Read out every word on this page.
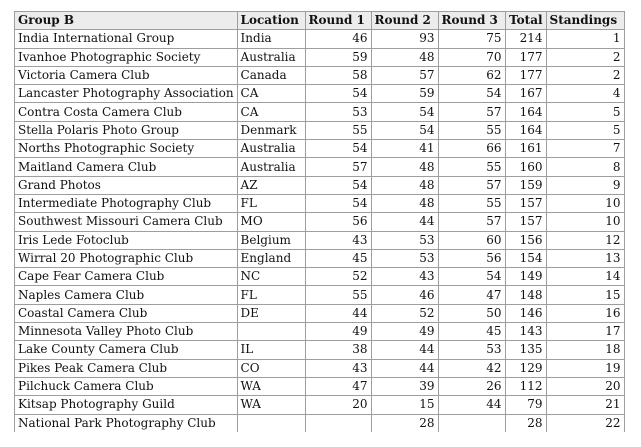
Group B	Location	Round 1	Round 2	Round 3	Total	Standings
India International Group	India	46	93	75	214	1
Ivanhoe Photographic Society	Australia	59	48	70	177	2
Victoria Camera Club	Canada	58	57	62	177	2
Lancaster Photography Association	CA	54	59	54	167	4
Contra Costa Camera Club	CA	53	54	57	164	5
Stella Polaris Photo Group	Denmark	55	54	55	164	5
Norths Photographic Society	Australia	54	41	66	161	7
Maitland Camera Club	Australia	57	48	55	160	8
Grand Photos	AZ	54	48	57	159	9
Intermediate Photography Club	FL	54	48	55	157	10
Southwest Missouri Camera Club	MO	56	44	57	157	10
Iris Lede Fotoclub	Belgium	43	53	60	156	12
Wirral 20 Photographic Club	England	45	53	56	154	13
Cape Fear Camera Club	NC	52	43	54	149	14
Naples Camera Club	FL	55	46	47	148	15
Coastal Camera Club	DE	44	52	50	146	16
Minnesota Valley Photo Club		49	49	45	143	17
Lake County Camera Club	IL	38	44	53	135	18
Pikes Peak Camera Club	CO	43	44	42	129	19
Pilchuck Camera Club	WA	47	39	26	112	20
Kitsap Photography Guild	WA	20	15	44	79	21
National Park Photography Club			28		28	22
